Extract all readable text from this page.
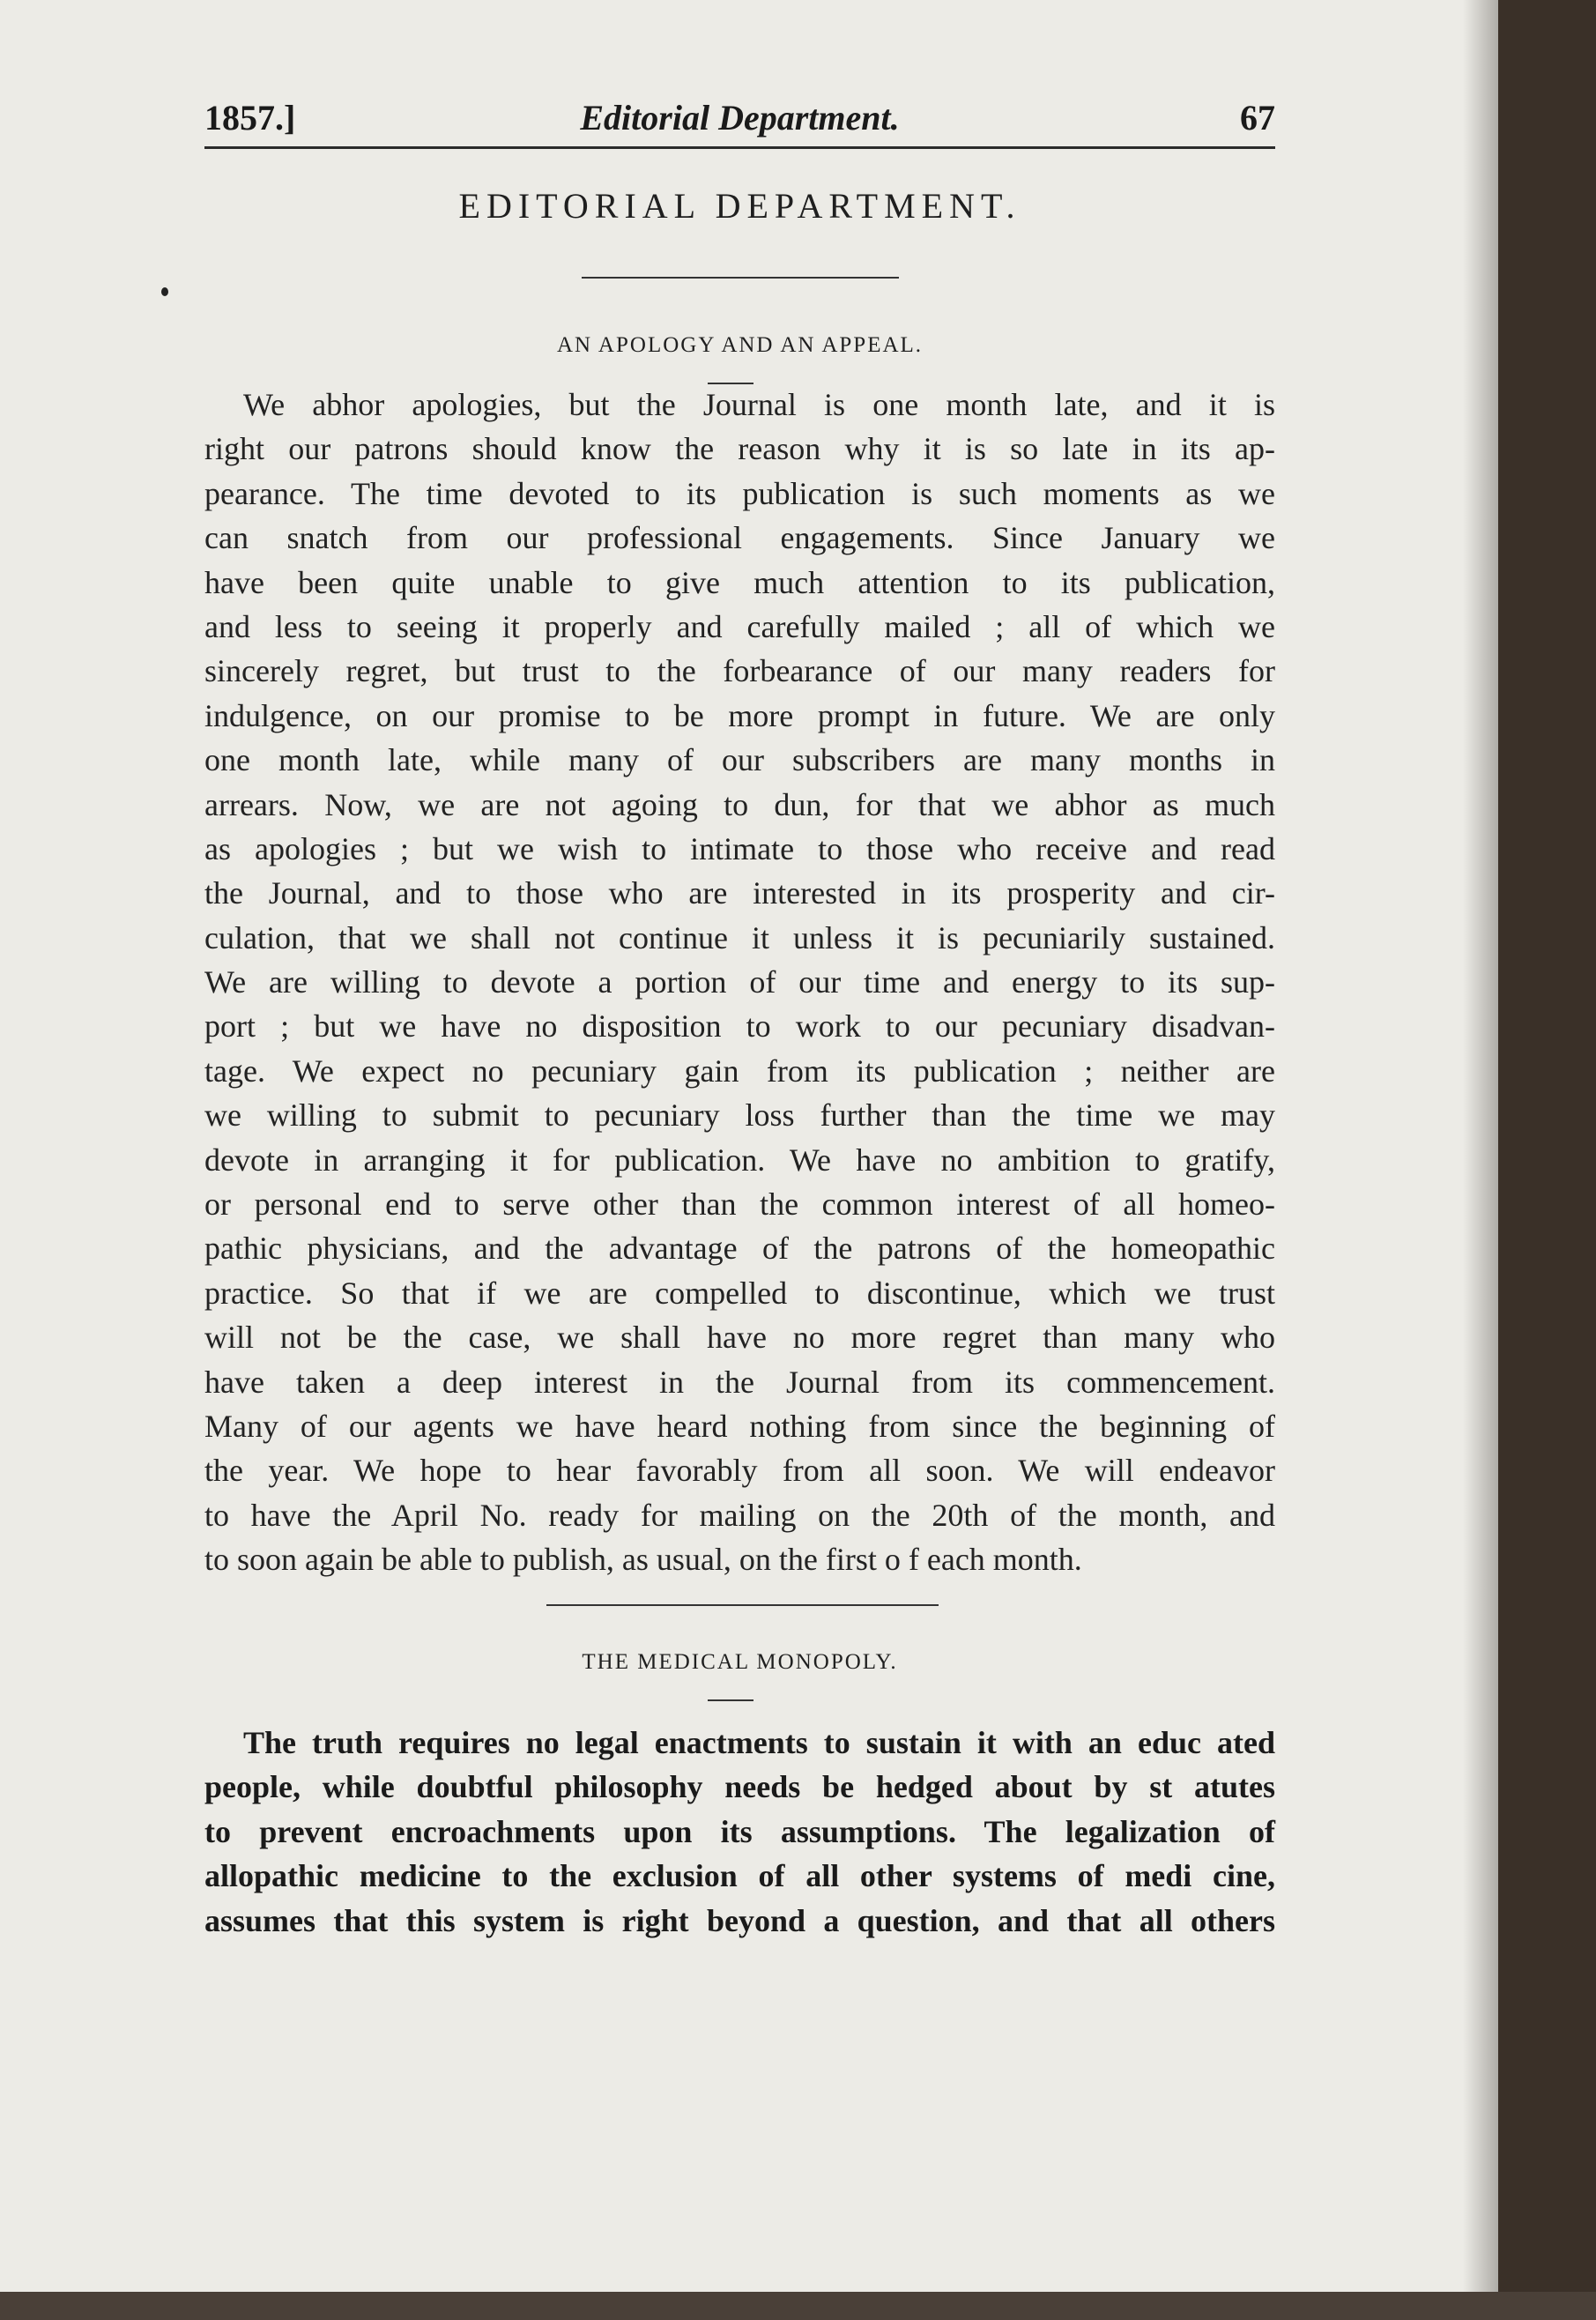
1857.]	Editorial Department.	67
EDITORIAL DEPARTMENT.
AN APOLOGY AND AN APPEAL.
We abhor apologies, but the Journal is one month late, and it is
right our patrons should know the reason why it is so late in its ap-
pearance. The time devoted to its publication is such moments as we
can snatch from our professional engagements. Since January we
have been quite unable to give much attention to its publication,
and less to seeing it properly and carefully mailed ; all of which we
sincerely regret, but trust to the forbearance of our many readers for
indulgence, on our promise to be more prompt in future. We are only
one month late, while many of our subscribers are many months in
arrears. Now, we are not agoing to dun, for that we abhor as much
as apologies ; but we wish to intimate to those who receive and read
the Journal, and to those who are interested in its prosperity and cir-
culation, that we shall not continue it unless it is pecuniarily sustained.
We are willing to devote a portion of our time and energy to its sup-
port ; but we have no disposition to work to our pecuniary disadvan-
tage. We expect no pecuniary gain from its publication ; neither are
we willing to submit to pecuniary loss further than the time we may
devote in arranging it for publication. We have no ambition to gratify,
or personal end to serve other than the common interest of all homeo-
pathic physicians, and the advantage of the patrons of the homeopathic
practice. So that if we are compelled to discontinue, which we trust
will not be the case, we shall have no more regret than many who
have taken a deep interest in the Journal from its commencement.
Many of our agents we have heard nothing from since the beginning of
the year. We hope to hear favorably from all soon. We will endeavor
to have the April No. ready for mailing on the 20th of the month, and
to soon again be able to publish, as usual, on the first o f each month.
THE MEDICAL MONOPOLY.
The truth requires no legal enactments to sustain it with an educ ated
people, while doubtful philosophy needs be hedged about by st atutes
to prevent encroachments upon its assumptions. The legalization of
allopathic medicine to the exclusion of all other systems of medi cine,
assumes that this system is right beyond a question, and that all others
